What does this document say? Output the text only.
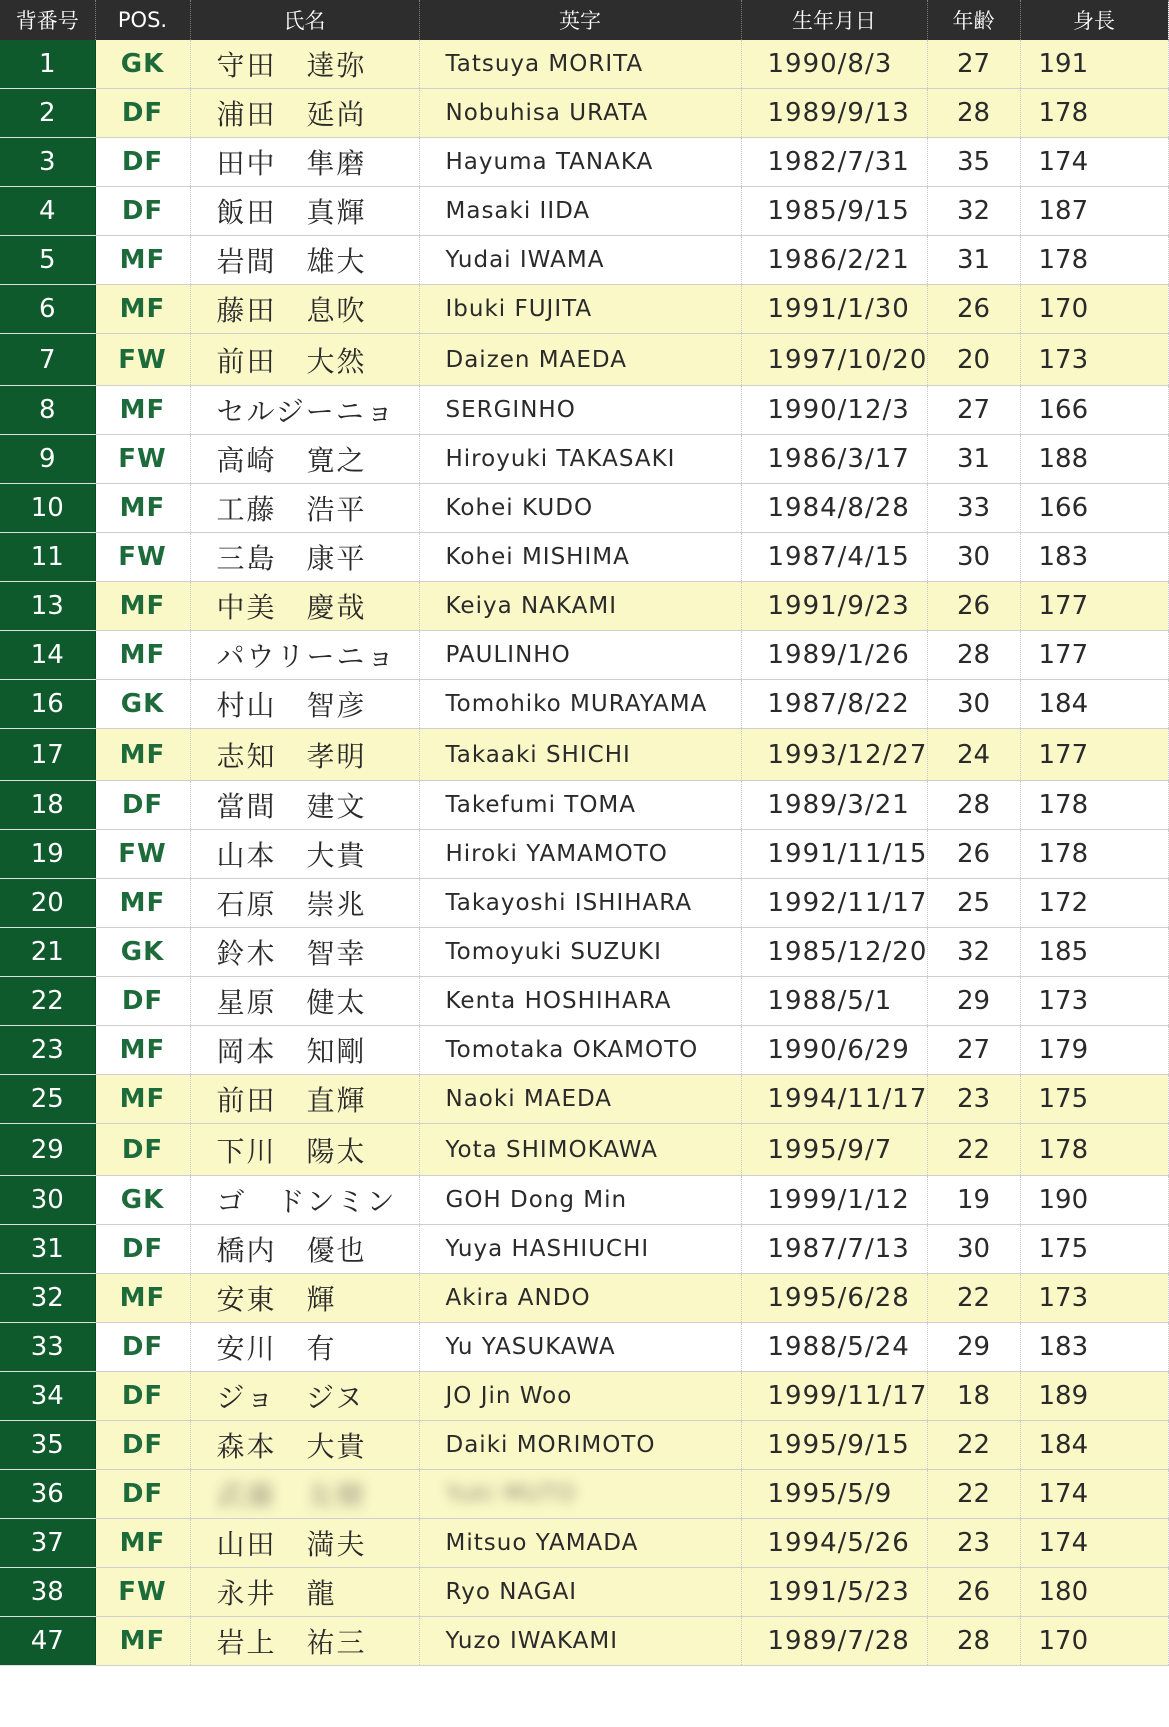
背番号	POS.	氏名	英字	生年月日	年齢	身長
1	GK	守田　達弥	Tatsuya MORITA	1990/8/3	27	191
2	DF	浦田　延尚	Nobuhisa URATA	1989/9/13	28	178
3	DF	田中　隼磨	Hayuma TANAKA	1982/7/31	35	174
4	DF	飯田　真輝	Masaki IIDA	1985/9/15	32	187
5	MF	岩間　雄大	Yudai IWAMA	1986/2/21	31	178
6	MF	藤田　息吹	Ibuki FUJITA	1991/1/30	26	170
7	FW	前田　大然	Daizen MAEDA	1997/10/20	20	173
8	MF	セルジーニョ	SERGINHO	1990/12/3	27	166
9	FW	高崎　寛之	Hiroyuki TAKASAKI	1986/3/17	31	188
10	MF	工藤　浩平	Kohei KUDO	1984/8/28	33	166
11	FW	三島　康平	Kohei MISHIMA	1987/4/15	30	183
13	MF	中美　慶哉	Keiya NAKAMI	1991/9/23	26	177
14	MF	パウリーニョ	PAULINHO	1989/1/26	28	177
16	GK	村山　智彦	Tomohiko MURAYAMA	1987/8/22	30	184
17	MF	志知　孝明	Takaaki SHICHI	1993/12/27	24	177
18	DF	當間　建文	Takefumi TOMA	1989/3/21	28	178
19	FW	山本　大貴	Hiroki YAMAMOTO	1991/11/15	26	178
20	MF	石原　崇兆	Takayoshi ISHIHARA	1992/11/17	25	172
21	GK	鈴木　智幸	Tomoyuki SUZUKI	1985/12/20	32	185
22	DF	星原　健太	Kenta HOSHIHARA	1988/5/1	29	173
23	MF	岡本　知剛	Tomotaka OKAMOTO	1990/6/29	27	179
25	MF	前田　直輝	Naoki MAEDA	1994/11/17	23	175
29	DF	下川　陽太	Yota SHIMOKAWA	1995/9/7	22	178
30	GK	ゴ　ドンミン	GOH Dong Min	1999/1/12	19	190
31	DF	橋内　優也	Yuya HASHIUCHI	1987/7/13	30	175
32	MF	安東　輝	Akira ANDO	1995/6/28	22	173
33	DF	安川　有	Yu YASUKAWA	1988/5/24	29	183
34	DF	ジョ　ジヌ	JO Jin Woo	1999/11/17	18	189
35	DF	森本　大貴	Daiki MORIMOTO	1995/9/15	22	184
36	DF	武藤　友樹	Yuki MUTO	1995/5/9	22	174
37	MF	山田　満夫	Mitsuo YAMADA	1994/5/26	23	174
38	FW	永井　龍	Ryo NAGAI	1991/5/23	26	180
47	MF	岩上　祐三	Yuzo IWAKAMI	1989/7/28	28	170
